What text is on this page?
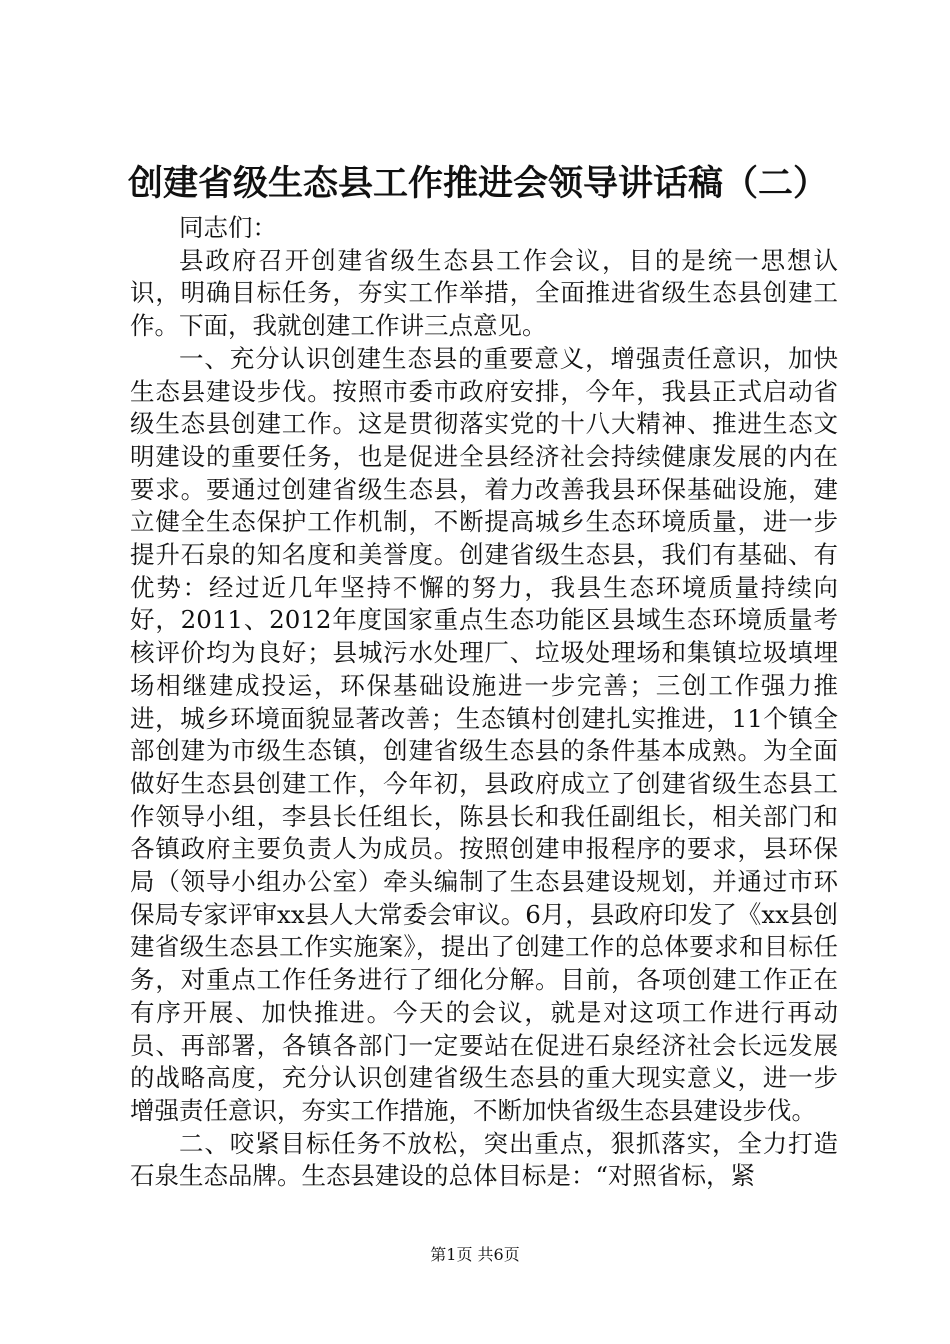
创建省级生态县工作推进会领导讲话稿（二）

同志们：

县政府召开创建省级生态县工作会议，目的是统一思想认识，明确目标任务，夯实工作举措，全面推进省级生态县创建工作。下面，我就创建工作讲三点意见。

一、充分认识创建生态县的重要意义，增强责任意识，加快生态县建设步伐。按照市委市政府安排，今年，我县正式启动省级生态县创建工作。这是贯彻落实党的十八大精神、推进生态文明建设的重要任务，也是促进全县经济社会持续健康发展的内在要求。要通过创建省级生态县，着力改善我县环保基础设施，建立健全生态保护工作机制，不断提高城乡生态环境质量，进一步提升石泉的知名度和美誉度。创建省级生态县，我们有基础、有优势：经过近几年坚持不懈的努力，我县生态环境质量持续向好，2011、2012年度国家重点生态功能区县域生态环境质量考核评价均为良好；县城污水处理厂、垃圾处理场和集镇垃圾填埋场相继建成投运，环保基础设施进一步完善；三创工作强力推进，城乡环境面貌显著改善；生态镇村创建扎实推进，11个镇全部创建为市级生态镇，创建省级生态县的条件基本成熟。为全面做好生态县创建工作，今年初，县政府成立了创建省级生态县工作领导小组，李县长任组长，陈县长和我任副组长，相关部门和各镇政府主要负责人为成员。按照创建申报程序的要求，县环保局（领导小组办公室）牵头编制了生态县建设规划，并通过市环保局专家评审xx县人大常委会审议。6月，县政府印发了《xx县创建省级生态县工作实施案》，提出了创建工作的总体要求和目标任务，对重点工作任务进行了细化分解。目前，各项创建工作正在有序开展、加快推进。今天的会议，就是对这项工作进行再动员、再部署，各镇各部门一定要站在促进石泉经济社会长远发展的战略高度，充分认识创建省级生态县的重大现实意义，进一步增强责任意识，夯实工作措施，不断加快省级生态县建设步伐。

二、咬紧目标任务不放松，突出重点，狠抓落实，全力打造石泉生态品牌。生态县建设的总体目标是：“对照省标，紧

第1页 共6页
